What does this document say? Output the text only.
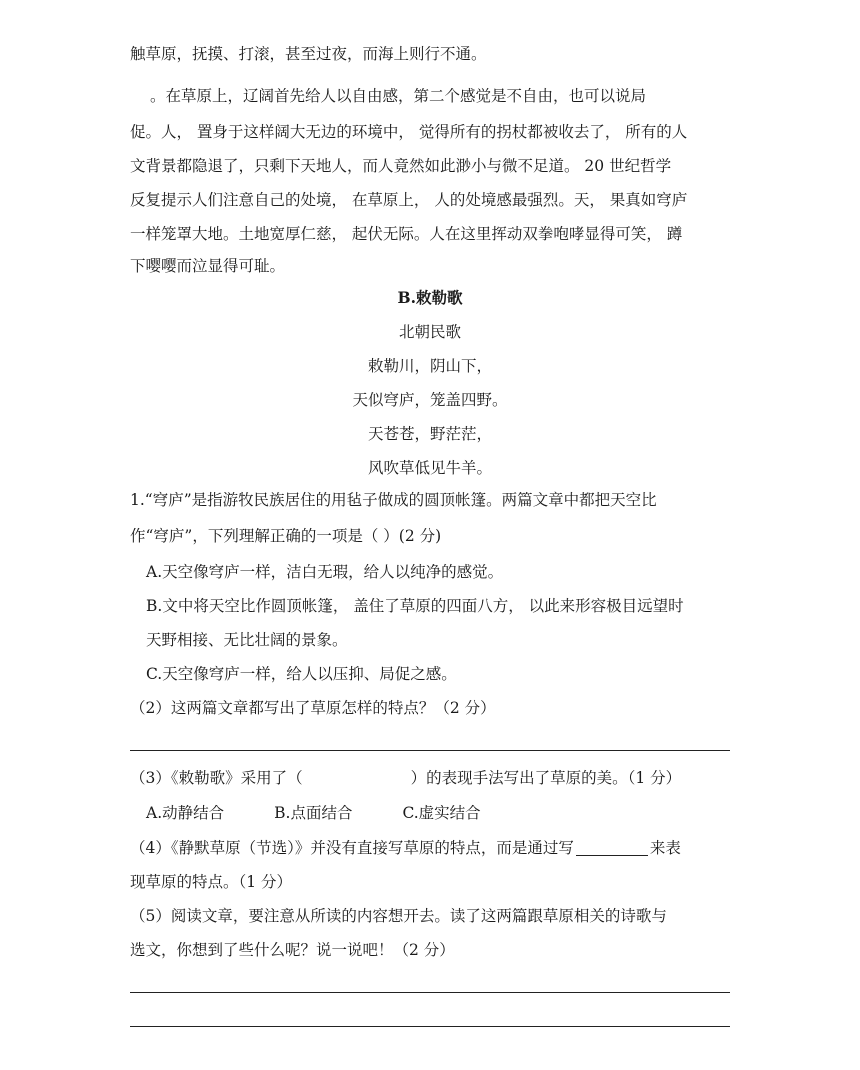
触草原，抚摸、打滚，甚至过夜，而海上则行不通。
。在草原上，辽阔首先给人以自由感，第二个感觉是不自由，也可以说局
促。人， 置身于这样阔大无边的环境中， 觉得所有的拐杖都被收去了， 所有的人
文背景都隐退了，只剩下天地人，而人竟然如此渺小与微不足道。 20 世纪哲学
反复提示人们注意自己的处境， 在草原上， 人的处境感最强烈。天， 果真如穹庐
一样笼罩大地。土地宽厚仁慈， 起伏无际。人在这里挥动双拳咆哮显得可笑， 蹲
下嘤嘤而泣显得可耻。
B.敕勒歌
北朝民歌
敕勒川，阴山下，
天似穹庐，笼盖四野。
天苍苍，野茫茫，
风吹草低见牛羊。
1.“穹庐”是指游牧民族居住的用毡子做成的圆顶帐篷。两篇文章中都把天空比
作“穹庐”，下列理解正确的一项是（ ）(2 分)
A.天空像穹庐一样，洁白无瑕，给人以纯净的感觉。
B.文中将天空比作圆顶帐篷， 盖住了草原的四面八方， 以此来形容极目远望时
天野相接、无比壮阔的景象。
C.天空像穹庐一样，给人以压抑、局促之感。
（2）这两篇文章都写出了草原怎样的特点？（2 分）
（3）《敕勒歌》采用了（	）的表现手法写出了草原的美。（1 分）
A.动静结合	B.点面结合	C.虚实结合
（4）《静默草原（节选）》并没有直接写草原的特点，而是通过写	来表
现草原的特点。（1 分）
（5）阅读文章，要注意从所读的内容想开去。读了这两篇跟草原相关的诗歌与
选文，你想到了些什么呢？说一说吧！（2 分）
